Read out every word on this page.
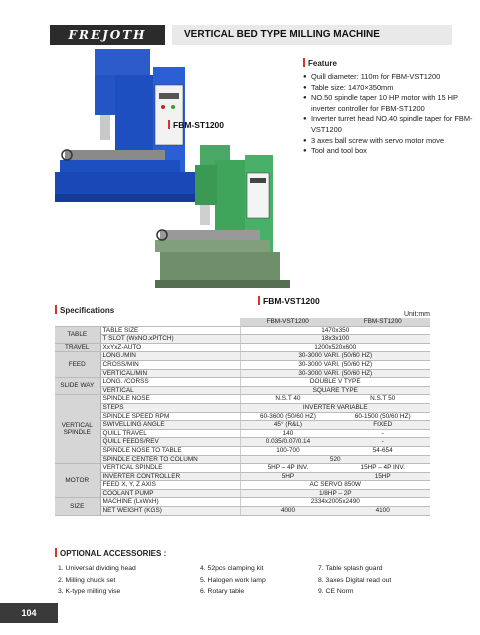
FREJOTH	VERTICAL BED TYPE MILLING MACHINE
FBM-ST1200
FBM-VST1200
Feature
● Quill diameter: 110m for FBM-VST1200
● Table size: 1470×350mm
● NO.50 spindle taper 10 HP motor with 15 HP inverter controller for FBM-ST1200
● Inverter turret head NO.40 spindle taper for FBM-VST1200
● 3 axes ball screw with servo motor move
● Tool and tool box
Specifications	Unit:mm
		FBM-VST1200	FBM-ST1200
TABLE	TABLE SIZE	1470x350	
	T SLOT (WxNO.xPITCH)	18x3x100	
TRAVEL	XxYxZ-AUTO	1200x520x600	
FEED	LONG./MIN	30-3000 VARI. (50/60 HZ)	
	CROSS/MIN	30-3000 VARI. (50/60 HZ)	
	VERTICAL/MIN	30-3000 VARI. (50/60 HZ)	
SLIDE WAY	LONG. /CORSS	DOUBLE V TYPE	
	VERTICAL	SQUARE TYPE	
VERTICAL SPINDLE	SPINDLE NOSE	N.S.T 40	N.S.T 50
	STEPS	INVERTER VARIABLE	
	SPINDLE SPEED RPM	60-3600 (50/60 HZ)	60-1500 (50/60 HZ)
	SWIVELLING ANGLE	45° (R&L)	FIXED
	QUILL TRAVEL	140	-
	QUILL FEEDS/REV	0.035/0.07/0.14	-
	SPINDLE NOSE TO TABLE	100-700	54-654
	SPINDLE CENTER TO COLUMN	520	
MOTOR	VERTICAL SPINDLE	5HP – 4P INV.	15HP – 4P INV.
	INVERTER CONTROLLER	5HP	15HP
	FEED X, Y, Z AXIS	AC SERVO 850W	
	COOLANT PUMP	1/8HP – 2P	
SIZE	MACHINE (LxWxH)	2334x2005x2490	
	NET WEIGHT (KGS)	4000	4100
OPTIONAL ACCESSORIES :
1. Universal dividing head
2. Milling chuck set
3. K-type milling vise
4. 52pcs clamping kit
5. Halogen work lamp
6. Rotary table
7. Table splash guard
8. 3axes Digital read out
9. CE Norm
104
